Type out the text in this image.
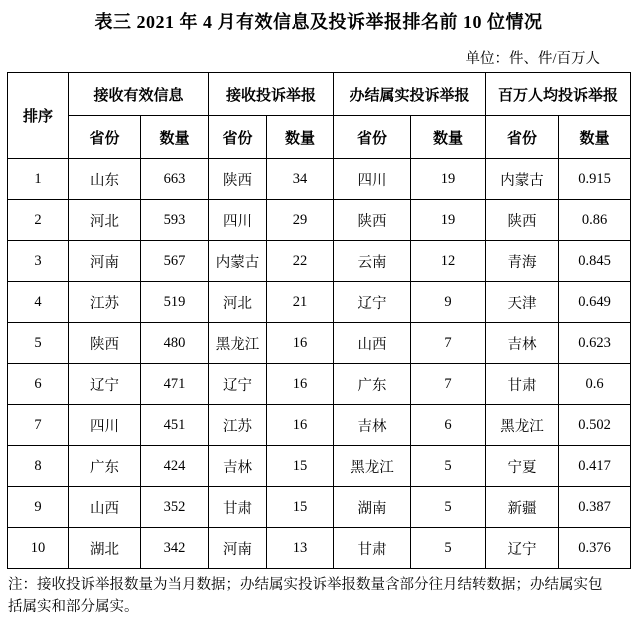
表三 2021 年 4 月有效信息及投诉举报排名前 10 位情况
单位：件、件/百万人
排序	接收有效信息		接收投诉举报		办结属实投诉举报		百万人均投诉举报	
	省份	数量	省份	数量	省份	数量	省份	数量
1	山东	663	陕西	34	四川	19	内蒙古	0.915
2	河北	593	四川	29	陕西	19	陕西	0.86
3	河南	567	内蒙古	22	云南	12	青海	0.845
4	江苏	519	河北	21	辽宁	9	天津	0.649
5	陕西	480	黑龙江	16	山西	7	吉林	0.623
6	辽宁	471	辽宁	16	广东	7	甘肃	0.6
7	四川	451	江苏	16	吉林	6	黑龙江	0.502
8	广东	424	吉林	15	黑龙江	5	宁夏	0.417
9	山西	352	甘肃	15	湖南	5	新疆	0.387
10	湖北	342	河南	13	甘肃	5	辽宁	0.376
注：接收投诉举报数量为当月数据；办结属实投诉举报数量含部分往月结转数据；办结属实包括属实和部分属实。
